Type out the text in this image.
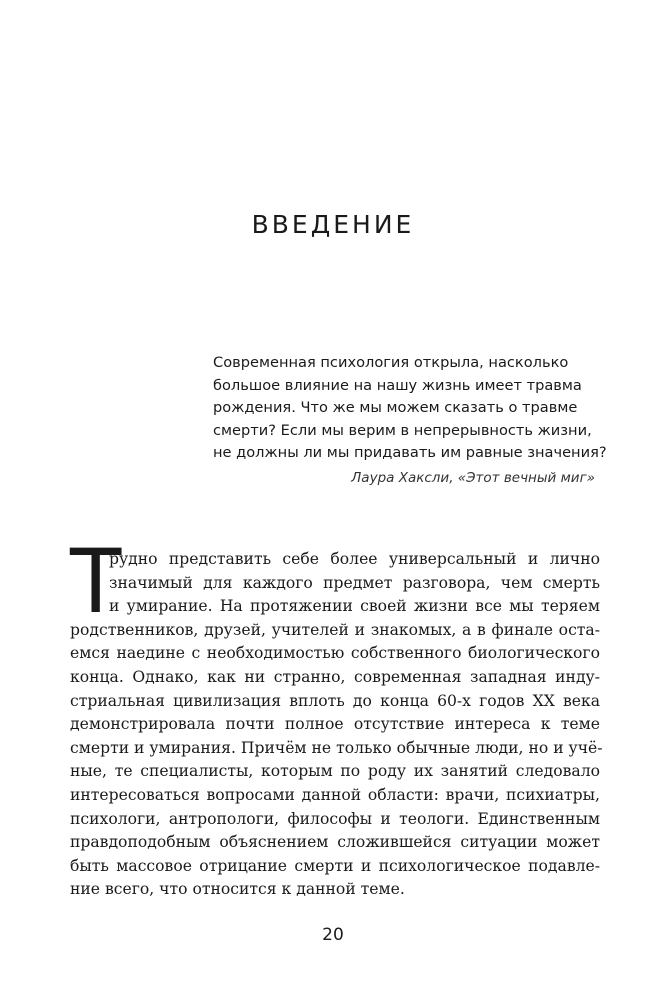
ВВЕДЕНИЕ
Современная психология открыла, насколько
большое влияние на нашу жизнь имеет травма
рождения. Что же мы можем сказать о травме
смерти? Если мы верим в непрерывность жизни,
не должны ли мы придавать им равные значения?
Лаура Хаксли, «Этот вечный миг»
Т
рудно представить себе более универсальный и лично
значимый для каждого предмет разговора, чем смерть
и умирание. На протяжении своей жизни все мы теряем
родственников, друзей, учителей и знакомых, а в финале оста-
емся наедине с необходимостью собственного биологического
конца. Однако, как ни странно, современная западная инду-
стриальная цивилизация вплоть до конца 60-х годов XX века
демонстрировала почти полное отсутствие интереса к теме
смерти и умирания. Причём не только обычные люди, но и учё-
ные, те специалисты, которым по роду их занятий следовало
интересоваться вопросами данной области: врачи, психиатры,
психологи, антропологи, философы и теологи. Единственным
правдоподобным объяснением сложившейся ситуации может
быть массовое отрицание смерти и психологическое подавле-
ние всего, что относится к данной теме.
20
